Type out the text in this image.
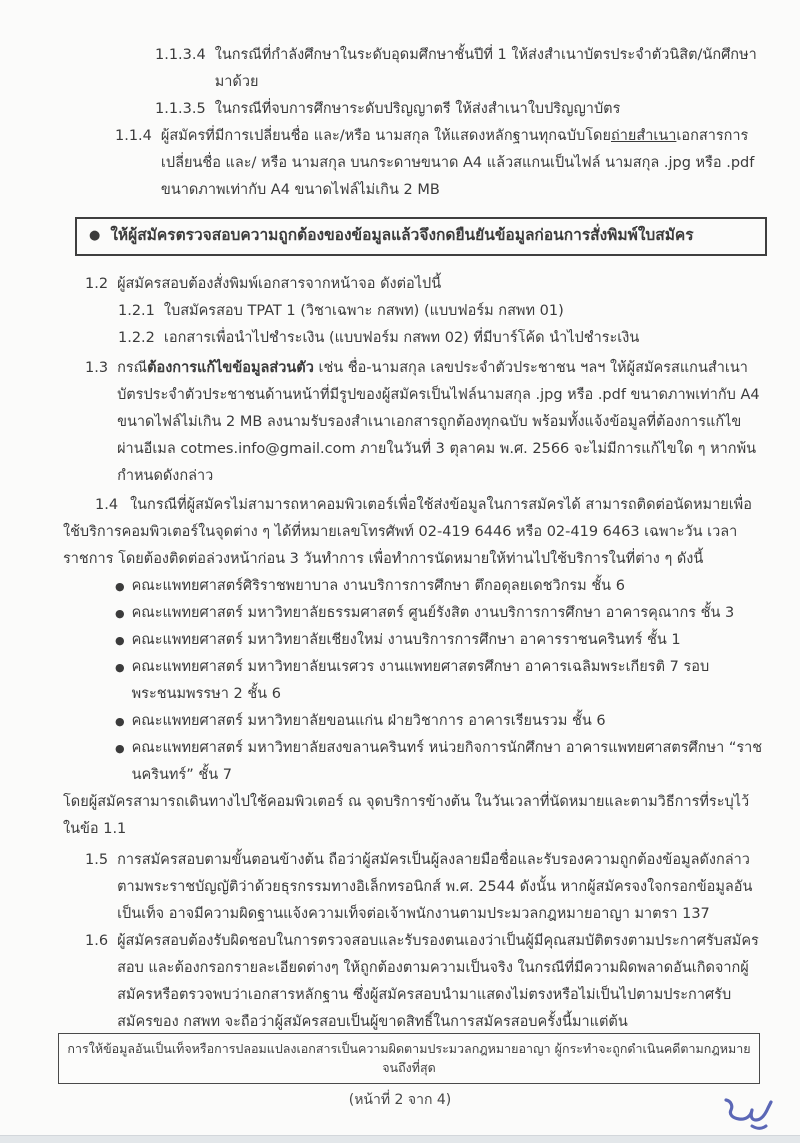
1.1.3.4 ในกรณีที่กำลังศึกษาในระดับอุดมศึกษาชั้นปีที่ 1 ให้ส่งสำเนาบัตรประจำตัวนิสิต/นักศึกษามาด้วย
1.1.3.5 ในกรณีที่จบการศึกษาระดับปริญญาตรี ให้ส่งสำเนาใบปริญญาบัตร
1.1.4 ผู้สมัครที่มีการเปลี่ยนชื่อ และ/หรือ นามสกุล ให้แสดงหลักฐานทุกฉบับโดยถ่ายสำเนาเอกสารการเปลี่ยนชื่อ และ/ หรือ นามสกุล บนกระดาษขนาด A4 แล้วสแกนเป็นไฟล์ นามสกุล .jpg หรือ .pdf ขนาดภาพเท่ากับ A4 ขนาดไฟล์ไม่เกิน 2 MB
● ให้ผู้สมัครตรวจสอบความถูกต้องของข้อมูลแล้วจึงกดยืนยันข้อมูลก่อนการสั่งพิมพ์ใบสมัคร
1.2 ผู้สมัครสอบต้องสั่งพิมพ์เอกสารจากหน้าจอ ดังต่อไปนี้
1.2.1 ใบสมัครสอบ TPAT 1 (วิชาเฉพาะ กสพท) (แบบฟอร์ม กสพท 01)
1.2.2 เอกสารเพื่อนำไปชำระเงิน (แบบฟอร์ม กสพท 02) ที่มีบาร์โค้ด นำไปชำระเงิน
1.3 กรณีต้องการแก้ไขข้อมูลส่วนตัว เช่น ชื่อ-นามสกุล เลขประจำตัวประชาชน ฯลฯ ให้ผู้สมัครสแกนสำเนาบัตรประจำตัวประชาชนด้านหน้าที่มีรูปของผู้สมัครเป็นไฟล์นามสกุล .jpg หรือ .pdf ขนาดภาพเท่ากับ A4 ขนาดไฟล์ไม่เกิน 2 MB ลงนามรับรองสำเนาเอกสารถูกต้องทุกฉบับ พร้อมทั้งแจ้งข้อมูลที่ต้องการแก้ไขผ่านอีเมล cotmes.info@gmail.com ภายในวันที่ 3 ตุลาคม พ.ศ. 2566 จะไม่มีการแก้ไขใด ๆ หากพ้นกำหนดดังกล่าว

1.4 ในกรณีที่ผู้สมัครไม่สามารถหาคอมพิวเตอร์เพื่อใช้ส่งข้อมูลในการสมัครได้ สามารถติดต่อนัดหมายเพื่อใช้บริการคอมพิวเตอร์ในจุดต่าง ๆ ได้ที่หมายเลขโทรศัพท์ 02-419 6446 หรือ 02-419 6463 เฉพาะวัน เวลาราชการ โดยต้องติดต่อล่วงหน้าก่อน 3 วันทำการ เพื่อทำการนัดหมายให้ท่านไปใช้บริการในที่ต่าง ๆ ดังนี้

● คณะแพทยศาสตร์ศิริราชพยาบาล งานบริการการศึกษา ตึกอดุลยเดชวิกรม ชั้น 6
● คณะแพทยศาสตร์ มหาวิทยาลัยธรรมศาสตร์ ศูนย์รังสิต งานบริการการศึกษา อาคารคุณากร ชั้น 3
● คณะแพทยศาสตร์ มหาวิทยาลัยเชียงใหม่ งานบริการการศึกษา อาคารราชนครินทร์ ชั้น 1
● คณะแพทยศาสตร์ มหาวิทยาลัยนเรศวร งานแพทยศาสตรศึกษา อาคารเฉลิมพระเกียรติ 7 รอบพระชนมพรรษา 2 ชั้น 6
● คณะแพทยศาสตร์ มหาวิทยาลัยขอนแก่น ฝ่ายวิชาการ อาคารเรียนรวม ชั้น 6
● คณะแพทยศาสตร์ มหาวิทยาลัยสงขลานครินทร์ หน่วยกิจการนักศึกษา อาคารแพทยศาสตรศึกษา “ราชนครินทร์” ชั้น 7
โดยผู้สมัครสามารถเดินทางไปใช้คอมพิวเตอร์ ณ จุดบริการข้างต้น ในวันเวลาที่นัดหมายและตามวิธีการที่ระบุไว้ในข้อ 1.1
1.5 การสมัครสอบตามขั้นตอนข้างต้น ถือว่าผู้สมัครเป็นผู้ลงลายมือชื่อและรับรองความถูกต้องข้อมูลดังกล่าวตามพระราชบัญญัติว่าด้วยธุรกรรมทางอิเล็กทรอนิกส์ พ.ศ. 2544 ดังนั้น หากผู้สมัครจงใจกรอกข้อมูลอันเป็นเท็จ อาจมีความผิดฐานแจ้งความเท็จต่อเจ้าพนักงานตามประมวลกฎหมายอาญา มาตรา 137
1.6 ผู้สมัครสอบต้องรับผิดชอบในการตรวจสอบและรับรองตนเองว่าเป็นผู้มีคุณสมบัติตรงตามประกาศรับสมัครสอบ และต้องกรอกรายละเอียดต่างๆ ให้ถูกต้องตามความเป็นจริง ในกรณีที่มีความผิดพลาดอันเกิดจากผู้สมัครหรือตรวจพบว่าเอกสารหลักฐาน ซึ่งผู้สมัครสอบนำมาแสดงไม่ตรงหรือไม่เป็นไปตามประกาศรับสมัครของ กสพท จะถือว่าผู้สมัครสอบเป็นผู้ขาดสิทธิ์ในการสมัครสอบครั้งนี้มาแต่ต้น
การให้ข้อมูลอันเป็นเท็จหรือการปลอมแปลงเอกสารเป็นความผิดตามประมวลกฎหมายอาญา ผู้กระทำจะถูกดำเนินคดีตามกฎหมายจนถึงที่สุด
(หน้าที่ 2 จาก 4)
